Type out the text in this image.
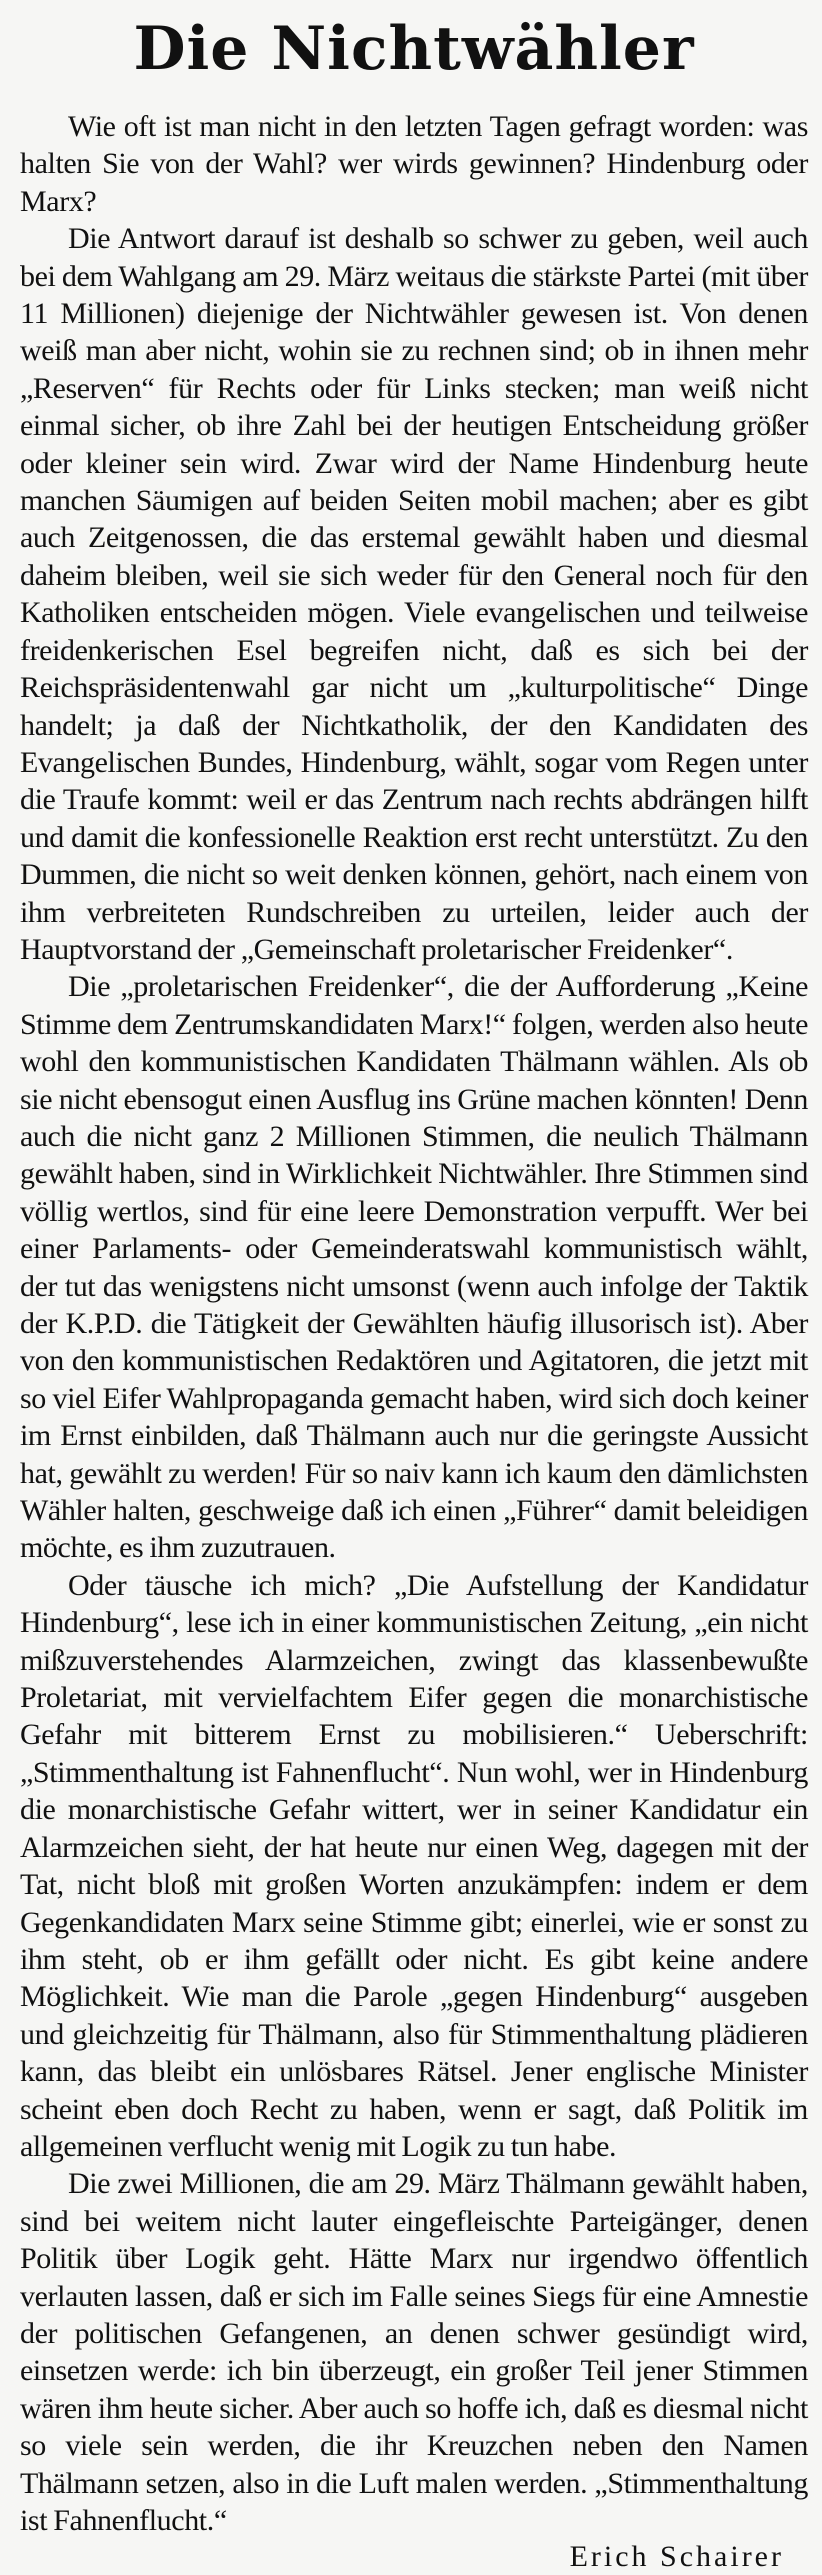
Die Nichtwähler

Wie oft ist man nicht in den letzten Tagen gefragt worden: was halten Sie von der Wahl? wer wirds gewinnen? Hindenburg oder Marx?

Die Antwort darauf ist deshalb so schwer zu geben, weil auch bei dem Wahlgang am 29. März weitaus die stärkste Partei (mit über 11 Millionen) diejenige der Nichtwähler gewesen ist. Von denen weiß man aber nicht, wohin sie zu rechnen sind; ob in ihnen mehr „Reserven“ für Rechts oder für Links stecken; man weiß nicht einmal sicher, ob ihre Zahl bei der heutigen Entscheidung größer oder kleiner sein wird. Zwar wird der Name Hindenburg heute manchen Säumigen auf beiden Seiten mobil machen; aber es gibt auch Zeitgenossen, die das erstemal gewählt haben und diesmal daheim bleiben, weil sie sich weder für den General noch für den Katholiken entscheiden mögen. Viele evangelischen und teilweise freidenkerischen Esel begreifen nicht, daß es sich bei der Reichspräsidentenwahl gar nicht um „kulturpolitische“ Dinge handelt; ja daß der Nichtkatholik, der den Kandidaten des Evangelischen Bundes, Hindenburg, wählt, sogar vom Regen unter die Traufe kommt: weil er das Zentrum nach rechts abdrängen hilft und damit die konfessionelle Reaktion erst recht unterstützt. Zu den Dummen, die nicht so weit denken können, gehört, nach einem von ihm verbreiteten Rundschreiben zu urteilen, leider auch der Hauptvorstand der „Gemeinschaft proletarischer Freidenker“.

Die „proletarischen Freidenker“, die der Aufforderung „Keine Stimme dem Zentrumskandidaten Marx!“ folgen, werden also heute wohl den kommunistischen Kandidaten Thälmann wählen. Als ob sie nicht ebensogut einen Ausflug ins Grüne machen könnten! Denn auch die nicht ganz 2 Millionen Stimmen, die neulich Thälmann gewählt haben, sind in Wirklichkeit Nichtwähler. Ihre Stimmen sind völlig wertlos, sind für eine leere Demonstration verpufft. Wer bei einer Parlaments- oder Gemeinderatswahl kommunistisch wählt, der tut das wenigstens nicht umsonst (wenn auch infolge der Taktik der K.P.D. die Tätigkeit der Gewählten häufig illusorisch ist). Aber von den kommunistischen Redaktören und Agitatoren, die jetzt mit so viel Eifer Wahlpropaganda gemacht haben, wird sich doch keiner im Ernst einbilden, daß Thälmann auch nur die geringste Aussicht hat, gewählt zu werden! Für so naiv kann ich kaum den dämlichsten Wähler halten, geschweige daß ich einen „Führer“ damit beleidigen möchte, es ihm zuzutrauen.

Oder täusche ich mich? „Die Aufstellung der Kandidatur Hindenburg“, lese ich in einer kommunistischen Zeitung, „ein nicht mißzuverstehendes Alarmzeichen, zwingt das klassenbewußte Proletariat, mit vervielfachtem Eifer gegen die monarchistische Gefahr mit bitterem Ernst zu mobilisieren.“ Ueberschrift: „Stimmenthaltung ist Fahnenflucht“. Nun wohl, wer in Hindenburg die monarchistische Gefahr wittert, wer in seiner Kandidatur ein Alarmzeichen sieht, der hat heute nur einen Weg, dagegen mit der Tat, nicht bloß mit großen Worten anzukämpfen: indem er dem Gegenkandidaten Marx seine Stimme gibt; einerlei, wie er sonst zu ihm steht, ob er ihm gefällt oder nicht. Es gibt keine andere Möglichkeit. Wie man die Parole „gegen Hindenburg“ ausgeben und gleichzeitig für Thälmann, also für Stimmenthaltung plädieren kann, das bleibt ein unlösbares Rätsel. Jener englische Minister scheint eben doch Recht zu haben, wenn er sagt, daß Politik im allgemeinen verflucht wenig mit Logik zu tun habe.

Die zwei Millionen, die am 29. März Thälmann gewählt haben, sind bei weitem nicht lauter eingefleischte Parteigänger, denen Politik über Logik geht. Hätte Marx nur irgendwo öffentlich verlauten lassen, daß er sich im Falle seines Siegs für eine Amnestie der politischen Gefangenen, an denen schwer gesündigt wird, einsetzen werde: ich bin überzeugt, ein großer Teil jener Stimmen wären ihm heute sicher. Aber auch so hoffe ich, daß es diesmal nicht so viele sein werden, die ihr Kreuzchen neben den Namen Thälmann setzen, also in die Luft malen werden. „Stimmenthaltung ist Fahnenflucht.“

Erich Schairer
